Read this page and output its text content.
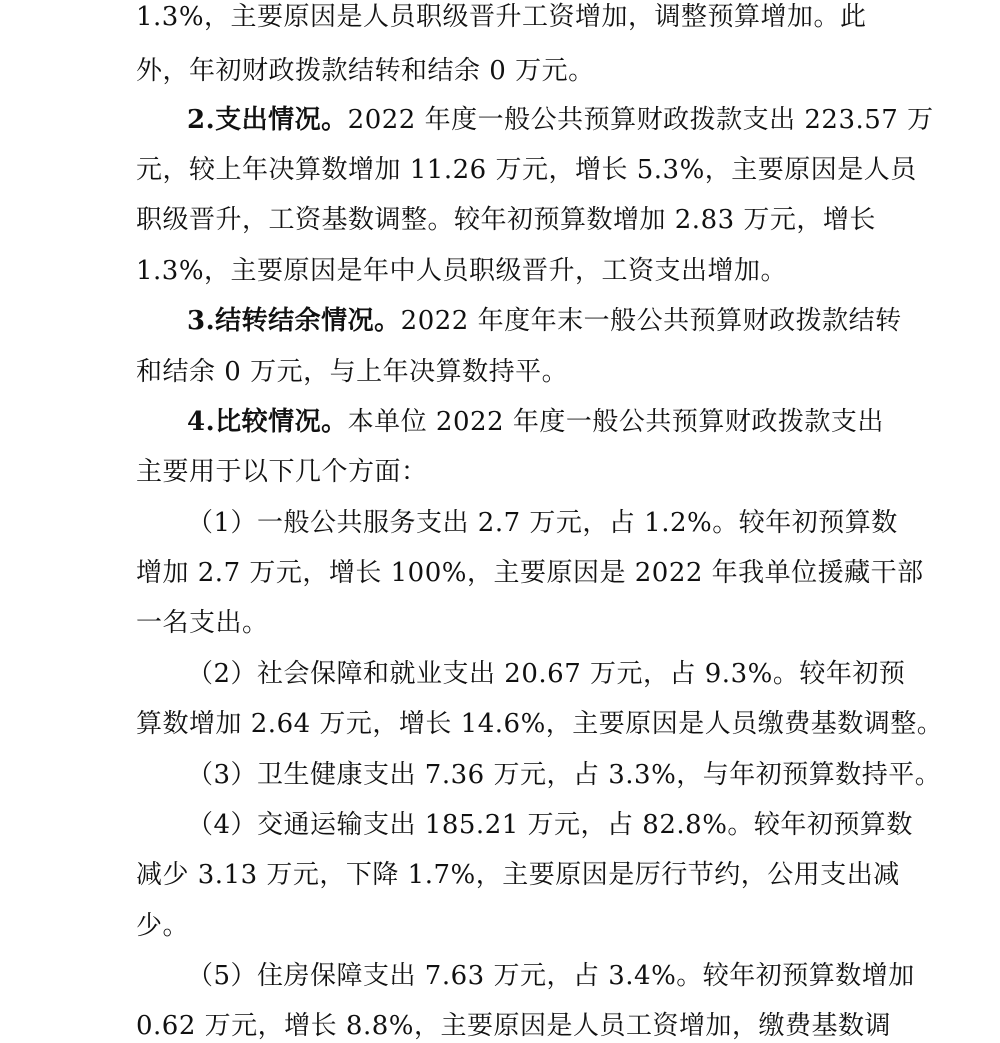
1.3%，主要原因是人员职级晋升工资增加，调整预算增加。此
外，年初财政拨款结转和结余 0 万元。
2.支出情况。2022 年度一般公共预算财政拨款支出 223.57 万
元，较上年决算数增加 11.26 万元，增长 5.3%，主要原因是人员
职级晋升，工资基数调整。较年初预算数增加 2.83 万元，增长
1.3%，主要原因是年中人员职级晋升，工资支出增加。
3.结转结余情况。2022 年度年末一般公共预算财政拨款结转
和结余 0 万元，与上年决算数持平。
4.比较情况。本单位 2022 年度一般公共预算财政拨款支出
主要用于以下几个方面：
（1）一般公共服务支出 2.7 万元，占 1.2%。较年初预算数
增加 2.7 万元，增长 100%，主要原因是 2022 年我单位援藏干部
一名支出。
（2）社会保障和就业支出 20.67 万元，占 9.3%。较年初预
算数增加 2.64 万元，增长 14.6%，主要原因是人员缴费基数调整。
（3）卫生健康支出 7.36 万元，占 3.3%，与年初预算数持平。
（4）交通运输支出 185.21 万元，占 82.8%。较年初预算数
减少 3.13 万元，下降 1.7%，主要原因是厉行节约，公用支出减
少。
（5）住房保障支出 7.63 万元，占 3.4%。较年初预算数增加
0.62 万元，增长 8.8%，主要原因是人员工资增加，缴费基数调
